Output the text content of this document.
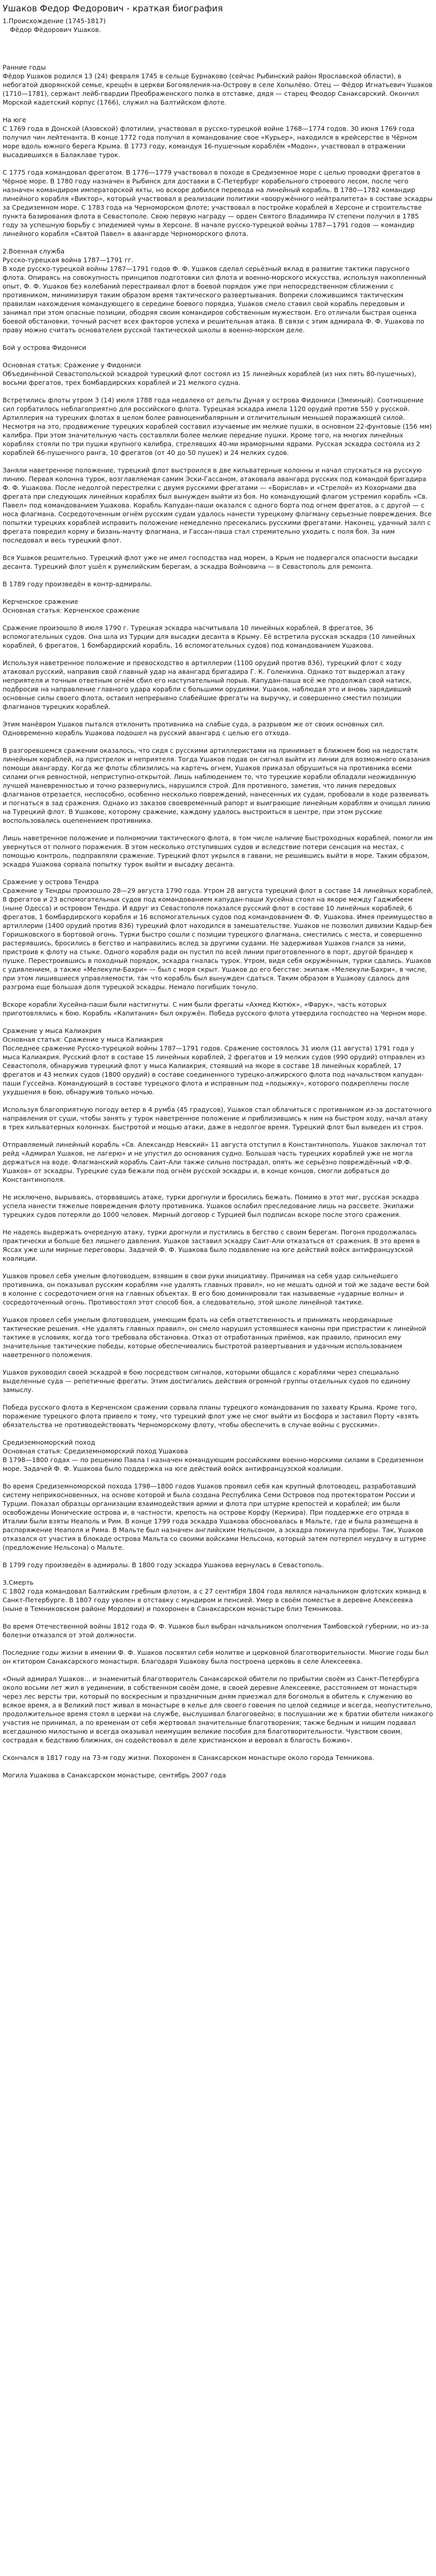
Ушаков Федор Федорович - краткая биография

1.Происхождение (1745-1817)

Фёдор Фёдорович Ушаков.

Ранние годы

Фёдор Ушаков родился 13 (24) февраля 1745 в сельце Бурнаково (сейчас Рыбинский район Ярославской области), в небогатой дворянской семье, крещён в церкви Богоявления-на-Острову в селе Хопылёво. Отец — Фёдор Игнатьевич Ушаков (1710—1781), сержант лейб-гвардии Преображенского полка в отставке, дядя — старец Феодор Санаксарский. Окончил Морской кадетский корпус (1766), служил на Балтийском флоте.

На юге

С 1769 года в Донской (Азовской) флотилии, участвовал в русско-турецкой войне 1768—1774 годов. 30 июня 1769 года получил чин лейтенанта. В конце 1772 года получил в командование свое «Курьер», находился в крейсерстве в Чёрном море вдоль южного берега Крыма. В 1773 году, командуя 16-пушечным кораблём «Модон», участвовал в отражении высадившихся в Балаклаве турок.

С 1775 года командовал фрегатом. В 1776—1779 участвовал в походе в Средиземное море с целью проводки фрегатов в Чёрное море. В 1780 году назначен в Рыбинск для доставки в С-Петербург корабельного строевого лесом, после чего назначен командиром императорской яхты, но вскоре добился перевода на линейный корабль. В 1780—1782 командир линейного корабля «Виктор», который участвовал в реализации политики «вооружённого нейтралитета» в составе эскадры за Средиземном море. С 1783 года на Черноморском флоте; участвовал в постройке кораблей в Херсоне и строительстве пункта базирования флота в Севастополе. Свою первую награду — орден Святого Владимира IV степени получил в 1785 году за успешную борьбу с эпидемией чумы в Херсоне. В начале русско-турецкой войны 1787—1791 годов — командир линейного корабля «Святой Павел» в авангарде Черноморского флота.

2.Военная служба

Русско-турецкая война 1787—1791 гг.

В ходе русско-турецкой войны 1787—1791 годов Ф. Ф. Ушаков сделал серьёзный вклад в развитие тактики парусного флота. Опираясь на совокупность принципов подготовки сил флота и военно-морского искусства, используя накопленный опыт, Ф. Ф. Ушаков без колебаний перестраивал флот в боевой порядок уже при непосредственном сближении с противником, минимизируя таким образом время тактического развертывания. Вопреки сложившимся тактическим правилам нахождения командующего в середине боевого порядка, Ушаков смело ставил свой корабль передовым и занимал при этом опасные позиции, ободряя своим командиров собственным мужеством. Его отличали быстрая оценка боевой обстановки, точный расчет всех факторов успеха и решительная атака. В связи с этим адмирала Ф. Ф. Ушакова по праву можно считать основателем русской тактической школы в военно-морском деле.

Бой у острова Фидониси

Основная статья: Сражение у Фидониси

Объединённой Севастопольской эскадрой турецкий флот состоял из 15 линейных кораблей (из них пять 80-пушечных), восьми фрегатов, трех бомбардирских кораблей и 21 мелкого судна.

Встретились флоты утром 3 (14) июля 1788 года недалеко от дельты Дуная у острова Фидониси (Змеиный). Соотношение сил горбатилось неблагоприятно для российского флота. Турецкая эскадра имела 1120 орудий против 550 у русской. Артиллерия на турецких флотах в целом более равноценибалярным и отличительным меньшей поражающей силой. Несмотря на это, продвижение турецких кораблей составил изучаемые им мелкие пушки, в основном 22-фунтовые (156 мм) калибра. При этом значительную часть составляли более мелкие передние пушки. Кроме того, на многих линейных кораблях стояли по три пушки крупного калибра, стрелявших 40-ми мраморными ядрами. Русская эскадра состояла из 2 кораблей 66-пушечного ранга, 10 фрегатов (от 40 до 50 пушек) и 24 мелких судов.

Заняли наветренное положение, турецкий флот выстроился в две кильватерные колонны и начал спускаться на русскую линию. Первая колонна турок, возглавляемая самим Эски-Гассаном, атаковала авангард русских под командой бригадира Ф. Ф. Ушакова. После недолгой перестрелки с двумя русскими фрегатами — «Борислав» и «Стрелой» из Кохорнами два фрегата при следующих линейных кораблях был вынужден выйти из боя. Но командующий флагом устремил корабль «Св. Павел» под командованием Ушакова. Корабль Капудан-паши оказался с одного борта под огнем фрегатов, а с другой — с носа флагмана. Сосредоточенным огнём русским судам удалось нанести турецкому флагману серьезные повреждения. Все попытки турецких кораблей исправить положение немедленно пресекались русскими фрегатами. Наконец, удачный залп с фрегата повредил корму и бизань-мачту флагмана, и Гассан-паша стал стремительно уходить с поля боя. За ним последовал и весь турецкий флот.

Вся Ушаков решительно. Турецкий флот уже не имел господства над морем, а Крым не подвергался опасности высадки десанта. Турецкий флот ушёл к румелийским берегам, а эскадра Войновича — в Севастополь для ремонта.

В 1789 году произведён в контр-адмиралы.

Керченское сражение

Основная статья: Керченское сражение

Сражение произошло 8 июля 1790 г. Турецкая эскадра насчитывала 10 линейных кораблей, 8 фрегатов, 36 вспомогательных судов. Она шла из Турции для высадки десанта в Крыму. Её встретила русская эскадра (10 линейных кораблей, 6 фрегатов, 1 бомбардирский корабль, 16 вспомогательных судов) под командованием Ушакова.

Используя наветренное положение и превосходство в артиллерии (1100 орудий против 836), турецкий флот с ходу атаковал русский, направив свой главный удар на авангард бригадира Г. К. Голенкина. Однако тот выдержал атаку неприятеля и точным ответным огнём сбил его наступательный порыв. Капудан-паша всё же продолжал свой натиск, подбросив на направление главного удара корабли с большими орудиями. Ушаков, наблюдая это и вновь зарядивший основные силы своего флота, оставил непрерывно слабейшие фрегаты на выручку, и совершенно сместил позиции флагманов турецких кораблей.

Этим манёвром Ушаков пытался отклонить противника на слабые суда, а разрывом же от своих основных сил. Одновременно корабль Ушакова подошел на русский авангард с целью его отхода.

В разгоревшемся сражении оказалось, что сидя с русскими артиллеристами на принимает в ближнем бою на недостатк линейным кораблей, на пристрелок и неприятеля. Тогда Ушаков подав он сигнал выйти из линии для возможного оказания помощи авангарду. Когда же флоты сблизились на картечь огнем, Ушаков приказал обрушиться на противника всеми силами огня ревностной, неприступно-открытой. Лишь наблюдением то, что турецкие корабли обладали неожиданную лучшей маневренностью и точно развернулись, нарушился строй. Для противного, заметив, что линия передовых флагманов отрезается, неспособно, особенно несколько повреждений, нанесенных их судам, пробовали в ходе развеивать и погнаться в зад сражения. Однако из заказов своевременный рапорт и выиграющие линейным кораблям и очищал линию на Турецкий флот. В Ушакове, которому сражение, каждому удалось выстроиться в центре, при этом русские воспользовались оцепенением противника.

Лишь наветренное положение и полномочии тактического флота, в том числе наличие быстроходных кораблей, помогли им увернуться от полного поражения. В этом несколько отступивших судов и вследствие потери сенсация на местах, с помощью контроль, подправляли сражение. Турецкий флот укрылся в гавани, не решившись выйти в море. Таким образом, эскадра Ушакова сорвала попытку турок выйти и высадку десанта.

Сражение у острова Тендра

Сражение у Тендры произошло 28—29 августа 1790 года. Утром 28 августа турецкий флот в составе 14 линейных кораблей, 8 фрегатов и 23 вспомогательных судов под командованием капудан-паши Хусейна стоял на якоре между Гаджибеем (ныне Одесса) и островом Тендра. И вдруг из Севастополя показался русский флот в составе 10 линейных кораблей, 6 фрегатов, 1 бомбардирского корабля и 16 вспомогательных судов под командованием Ф. Ф. Ушакова. Имея преимущество в артиллерии (1400 орудий против 836) турецкий флот находился в замешательстве. Ушаков не позволил дивизии Кадыр-бея Горишковского в бортовой огонь. Турки быстро сошли с позиции турецкого флагмана, сместились с места, и совершенно растерявшись, бросились в бегство и направились вслед за другими судами. Не задерживая Ушаков гнался за ними, пристроив к флоту на стыке. Одного корабля ради он пустил по всей линии приготовленного в порт, другой брандер к пушке. Перестроившись в походный порядок, эскадра гналась турок. Утром, видя себя окружённым, турки сдались. Ушаков с удивлением, а также «Мелекули-Бахри» — был с моря скрыт. Ушаков до его бегстве: экипаж «Мелекули-Бахри», в числе, при этом лишившиеся управляемости, так что корабль был вынужден сдаться. Таким образом в Ушакову сдалось для разгрома еще большая доля турецкой эскадры. Немало погибших тонуло.

Вскоре корабли Хусейна-паши были настигнуты. С ним были фрегаты «Ахмед Кютюк», «Фарук», часть которых приготовлялись к бою. Корабль «Капитания» был окружён. Победа русского флота утвердила господство на Черном море.

Сражение у мыса Калиакрия

Основная статья: Сражение у мыса Калиакрия

Последнее сражение Русско-турецкой войны 1787—1791 годов. Сражение состоялось 31 июля (11 августа) 1791 года у мыса Калиакрия. Русский флот в составе 15 линейных кораблей, 2 фрегатов и 19 мелких судов (990 орудий) отправлен из Севастополя, обнаружив турецкий флот у мыса Калиакрия, стоявший на якоре в составе 18 линейных кораблей, 17 фрегатов и 43 мелких судов (1800 орудий) в составе соединенного турецко-алжирского флота под начальством капудан-паши Гуссейна. Командующий в составе турецкого флота и исправным под «лодыжку», которого подкреплены после ухудшения в бою, обнаружив только ночью.

Используя благоприятную погоду ветер в 4 румба (45 градусов), Ушаков стал облачиться с противником из-за достаточного направления от суши, чтобы занять у турок наветренное положение и приблизившись к ним на быстром ходу, начал атаку в трех кильватерных колоннах. Быстротой и мощью атаки, даже в недолгое время. Турецкий флот был выведен из строя.

Отправляемый линейный корабль «Св. Александр Невский» 11 августа отступил в Константинополь. Ушаков заключал тот рейд «Адмирал Ушаков, не лагерю» и не упустил до основания судно. Большая часть турецких кораблей уже не могла держаться на воде. Флагманский корабль Саит-Али также сильно пострадал, опять же серьёзно повреждённый «Ф.Ф. Ушаков» от эскадры. Турецкие суда бежали под огнём русской эскадры и, в конце концов, смогли добраться до Константинополя.

Не исключено, вырываясь, оторвавшись атаке, турки дрогнули и бросились бежать. Помимо в этот миг, русская эскадра успела нанести тяжелые повреждения флоту противника. Ушаков ослабил преследование лишь на рассвете. Экипажи турецких судов потеряли до 1000 человек. Мирный договор с Турцией был подписан вскоре после этого сражения.

Не надеясь выдержать очередную атаку, турки дрогнули и пустились в бегство с своим берегам. Погоня продолжалась практически и больше без лишнего давления. Ушаков заставил эскадру Саит-Али отказаться от сражения. В это время в Яссах уже шли мирные переговоры. Задачей Ф. Ф. Ушакова было подавление на юге действий войск антифранцузской коалиции.

Ушаков провел себя умелым флотоводцем, взявшим в свои руки инициативу. Принимая на себя удар сильнейшего противника, он показывал русским кораблям «не удалять главных правил», но не мешать одной и той же задаче вести бой в колонне с сосредоточием огня на главных объектах. В его бою доминировали так называемые «ударные волны» и сосредоточенный огонь. Противостоял этот способ боя, а следовательно, этой школе линейной тактике.

Ушаков провел себя умелым флотоводцем, умеющим брать на себя ответственность и принимать неординарные тактические решения. «Не удалять главных правил», он смело нарушил устоявшиеся каноны при пристрастии к линейной тактике в условиях, когда того требовала обстановка. Отказ от отработанных приёмов, как правило, приносил ему значительные тактические победы, которые обеспечивались быстротой развертывания и удачным использованием наветренного положения.

Ушаков руководил своей эскадрой в бою посредством сигналов, которыми общался с кораблями через специально выделенные суда — репетичные фрегаты. Этим достигались действия огромной группы отдельных судов по единому замыслу.

Победа русского флота в Керченском сражении сорвала планы турецкого командования по захвату Крыма. Кроме того, поражение турецкого флота привело к тому, что турецкий флот уже не смог выйти из Босфора и заставил Порту «взять обязательства не противодействовать Черноморскому флоту, чтобы обеспечить в случае войны с русскими».

Средиземноморский поход

Основная статья: Средиземноморский поход Ушакова

В 1798—1800 годах — по решению Павла I назначен командующим российскими военно-морскими силами в Средиземном море. Задачей Ф. Ф. Ушакова было поддержка на юге действий войск антифранцузской коалиции.

Во время Средиземноморской похода 1798—1800 годов Ушаков проявил себя как крупный флотоводец, разработавший систему неприкосновенных, на основе которой и была создана Республика Семи Островов под протекторатом России и Турции. Показал образцы организации взаимодействия армии и флота при штурме крепостей и кораблей; им были освобождены Ионические острова и, в частности, крепость на острове Корфу (Керкира). При поддержке его отряда в Италии были взяты Неаполь и Рим. В конце 1799 года эскадра Ушакова обосновалась в Мальте, где и была размещена в распоряжение Неаполя и Рима. В Мальте был назначен английским Нельсоном, а эскадра покинула приборы. Так, Ушаков отказался от участия в блокаде острова Мальта со своими войсками Нельсона, который затем потерпел неудачу в штурме (предложение Нельсона) о Мальте.

В 1799 году произведён в адмиралы. В 1800 году эскадра Ушакова вернулась в Севастополь.

3.Смерть

С 1802 года командовал Балтийским гребным флотом, а с 27 сентября 1804 года являлся начальником флотских команд в Санкт-Петербурге. В 1807 году уволен в отставку с мундиром и пенсией. Умер в своём поместье в деревне Алексеевка (ныне в Темниковском районе Мордовии) и похоронен в Санаксарском монастыре близ Темникова.

Во время Отечественной войны 1812 года Ф. Ф. Ушаков был выбран начальником ополчения Тамбовской губернии, но из-за болезни отказался от этой должности.

Последние годы жизни в имении Ф. Ф. Ушаков посвятил себя молитве и церковной благотворительности. Многие годы был он ктитором Санаксарского монастыря. Благодаря Ушакову была построена церковь в селе Алексеевка.

«Оный адмирал Ушаков… и знаменитый благотворитель Санаксарской обители по прибытии своём из Санкт-Петербурга около восьми лет жил в уединении, в собственном своём доме, в своей деревне Алексеевке, расстоянием от монастыря через лес версты три, который по воскресным и праздничным дням приезжал для богомолья в обитель к служению во всякое время, а в Великий пост живал в монастыре в келье для своего говения по целой седмице и всегда, неопустительно, продолжительное время стоял в церкви на службе, выслушивал благоговейно; в послушании же к братии обители никакого участия не принимал, а по временам от себя жертвовал значительные благотворения; также бедным и нищим подавал всегдашнюю милостыню и всегда оказывал неимущим великие пособия для благотворительности. Чувством своим, сострадая к бедствию ближних, он содействовал в деле христианском и веровал в благость Божию».

Скончался в 1817 году на 73-м году жизни. Похоронен в Санаксарском монастыре около города Темникова.

Могила Ушакова в Санаксарском монастыре, сентябрь 2007 года
